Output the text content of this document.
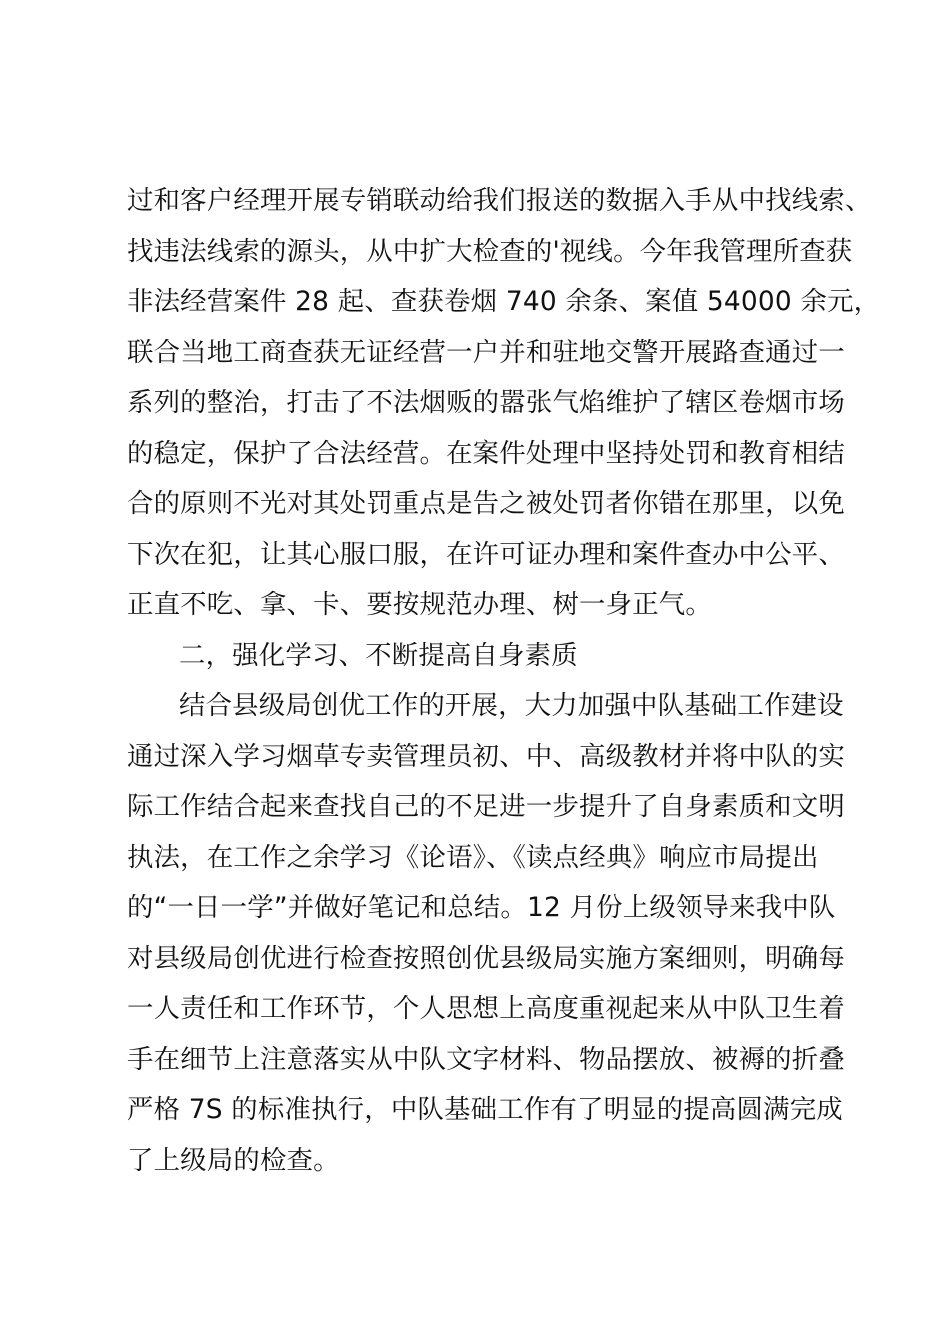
过和客户经理开展专销联动给我们报送的数据入手从中找线索、
找违法线索的源头，从中扩大检查的'视线。今年我管理所查获
非法经营案件 28 起、查获卷烟 740 余条、案值 54000 余元，
联合当地工商查获无证经营一户并和驻地交警开展路查通过一
系列的整治，打击了不法烟贩的嚣张气焰维护了辖区卷烟市场
的稳定，保护了合法经营。在案件处理中坚持处罚和教育相结
合的原则不光对其处罚重点是告之被处罚者你错在那里，以免
下次在犯，让其心服口服，在许可证办理和案件查办中公平、
正直不吃、拿、卡、要按规范办理、树一身正气。
二，强化学习、不断提高自身素质
结合县级局创优工作的开展，大力加强中队基础工作建设
通过深入学习烟草专卖管理员初、中、高级教材并将中队的实
际工作结合起来查找自己的不足进一步提升了自身素质和文明
执法，在工作之余学习《论语》、《读点经典》响应市局提出
的“一日一学”并做好笔记和总结。12 月份上级领导来我中队
对县级局创优进行检查按照创优县级局实施方案细则，明确每
一人责任和工作环节，个人思想上高度重视起来从中队卫生着
手在细节上注意落实从中队文字材料、物品摆放、被褥的折叠
严格 7S 的标准执行，中队基础工作有了明显的提高圆满完成
了上级局的检查。
